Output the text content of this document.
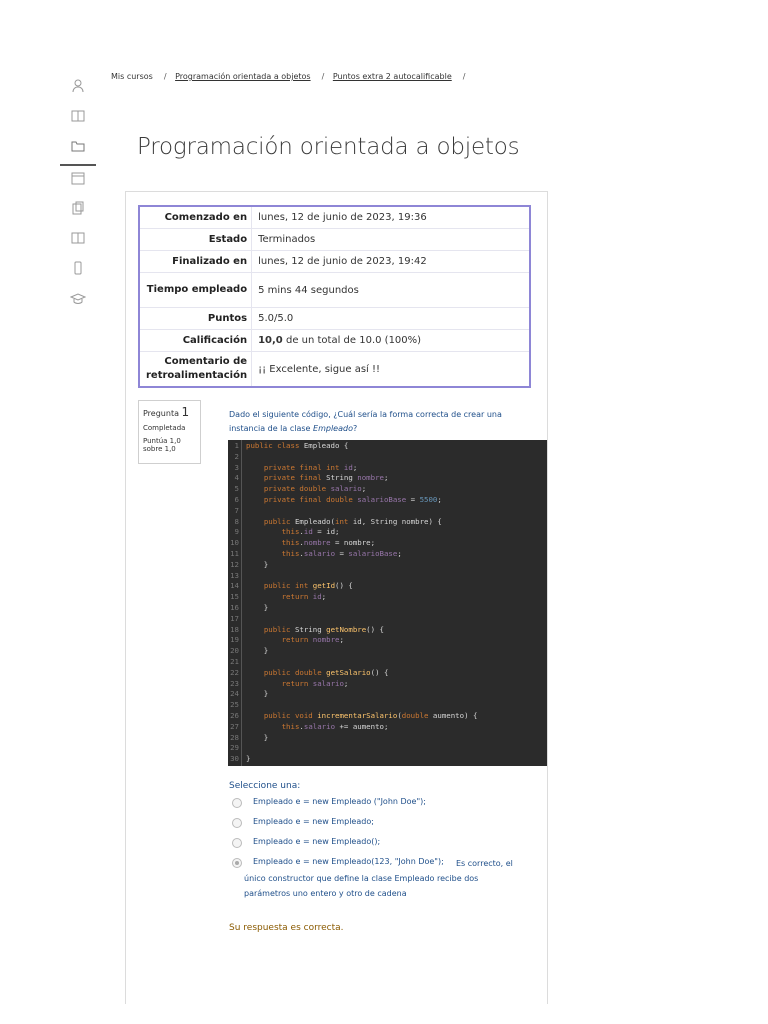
Mis cursos / Programación orientada a objetos / Puntos extra 2 autocalificable /
Programación orientada a objetos
Comenzado en	lunes, 12 de junio de 2023, 19:36
Estado	Terminados
Finalizado en	lunes, 12 de junio de 2023, 19:42
Tiempo empleado	5 mins 44 segundos
Puntos	5.0/5.0
Calificación	10,0 de un total de 10.0 (100%)
Comentario de retroalimentación	¡¡ Excelente, sigue así !!
Pregunta 1
Completada
Puntúa 1,0 sobre 1,0
Dado el siguiente código, ¿Cuál sería la forma correcta de crear una instancia de la clase Empleado?
1
2
3
4
5
6
7
8
9
10
11
12
13
14
15
16
17
18
19
20
21
22
23
24
25
26
27
28
29
30
public class Empleado {

private final int id;
private final String nombre;
private double salario;
private final double salarioBase = 5500;

public Empleado(int id, String nombre) {
this.id = id;
this.nombre = nombre;
this.salario = salarioBase;
}

public int getId() {
return id;
}

public String getNombre() {
return nombre;
}

public double getSalario() {
return salario;
}

public void incrementarSalario(double aumento) {
this.salario += aumento;
}

}
Seleccione una:
Empleado e = new Empleado ("John Doe");
Empleado e = new Empleado;
Empleado e = new Empleado();
Empleado e = new Empleado(123, "John Doe");	Es correcto, el único constructor que define la clase Empleado recibe dos parámetros uno entero y otro de cadena
Su respuesta es correcta.
